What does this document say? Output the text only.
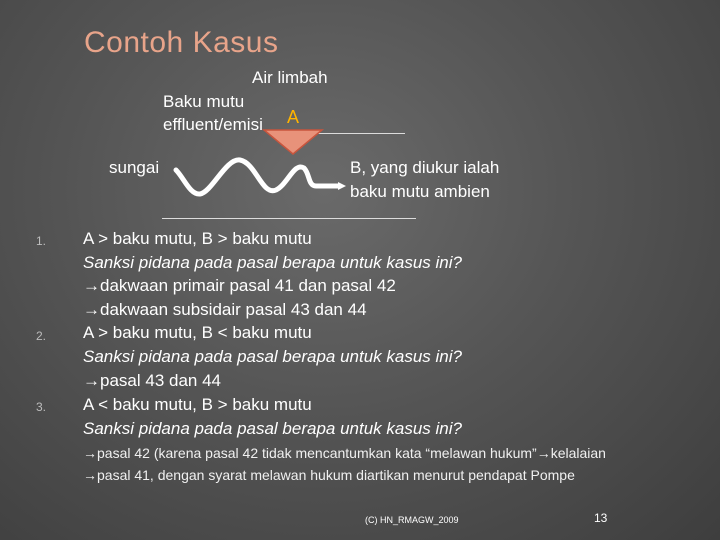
Contoh Kasus
Air limbah
Baku mutu
effluent/emisi A
sungai	B, yang diukur ialah
baku mutu ambien
1. A > baku mutu, B > baku mutu
Sanksi pidana pada pasal berapa untuk kasus ini?
→dakwaan primair pasal 41 dan pasal 42
→dakwaan subsidair pasal 43 dan 44
2. A > baku mutu, B < baku mutu
Sanksi pidana pada pasal berapa untuk kasus ini?
→pasal 43 dan 44
3. A < baku mutu, B > baku mutu
Sanksi pidana pada pasal berapa untuk kasus ini?
→pasal 42 (karena pasal 42 tidak mencantumkan kata “melawan hukum”→kelalaian
→pasal 41, dengan syarat melawan hukum diartikan menurut pendapat Pompe
(C) HN_RMAGW_2009	13
